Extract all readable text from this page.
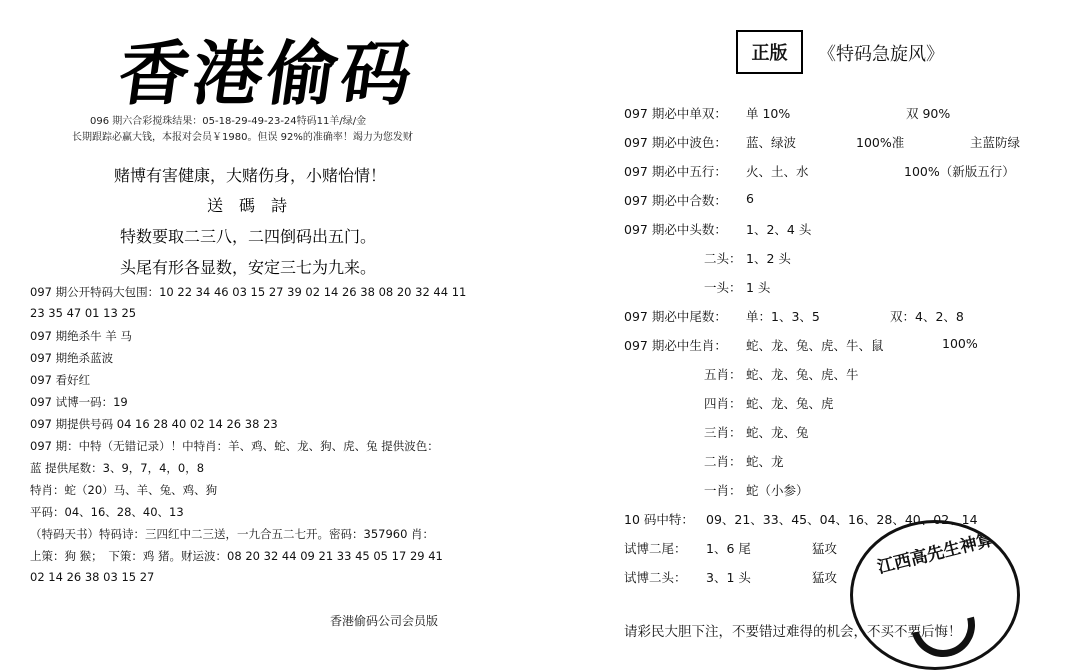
香港偷码
096 期六合彩搅珠结果：05-18-29-49-23-24特码11羊/绿/金
长期跟踪必赢大钱，本报对会员￥1980。但误 92%的准确率！竭力为您发财
赌博有害健康，大赌伤身，小赌怡情！
送　碼　詩
特数要取二三八，二四倒码出五门。
头尾有形各显数，安定三七为九来。
097 期公开特码大包围：10 22 34 46 03 15 27 39 02 14 26 38 08 20 32 44 11
23 35 47 01 13 25
097 期绝杀牛 羊 马
097 期绝杀蓝波
097 看好红
097 试博一码：19
097 期提供号码 04 16 28 40 02 14 26 38 23
097 期：中特（无错记录）！中特肖：羊、鸡、蛇、龙、狗、虎、兔 提供波色：
蓝 提供尾数：3、9，7，4，0，8
特肖：蛇（20）马、羊、兔、鸡、狗
平码：04、16、28、40、13
（特码天书）特码诗：三四红中二三送，一九合五二七开。密码：357960 肖：
上策：狗 猴；　下策：鸡 猪。财运波：08 20 32 44 09 21 33 45 05 17 29 41
02 14 26 38 03 15 27
香港偷码公司会员版
正版	《特码急旋风》
097 期必中单双： 单 10%	双 90%
097 期必中波色： 蓝、绿波	100%准	主蓝防绿
097 期必中五行： 火、土、水	100%（新版五行）
097 期必中合数： 6
097 期必中头数： 1、2、4 头
二头： 1、2 头
一头： 1 头
097 期必中尾数： 单：1、3、5	双：4、2、8
097 期必中生肖： 蛇、龙、兔、虎、牛、鼠	100%
五肖： 蛇、龙、兔、虎、牛
四肖： 蛇、龙、兔、虎
三肖： 蛇、龙、兔
二肖： 蛇、龙
一肖： 蛇（小参）
10 码中特： 09、21、33、45、04、16、28、40、02、14
试博二尾： 1、6 尾	猛攻
试博二头： 3、1 头	猛攻	江西高先生神算
请彩民大胆下注，不要错过难得的机会，不买不要后悔！
